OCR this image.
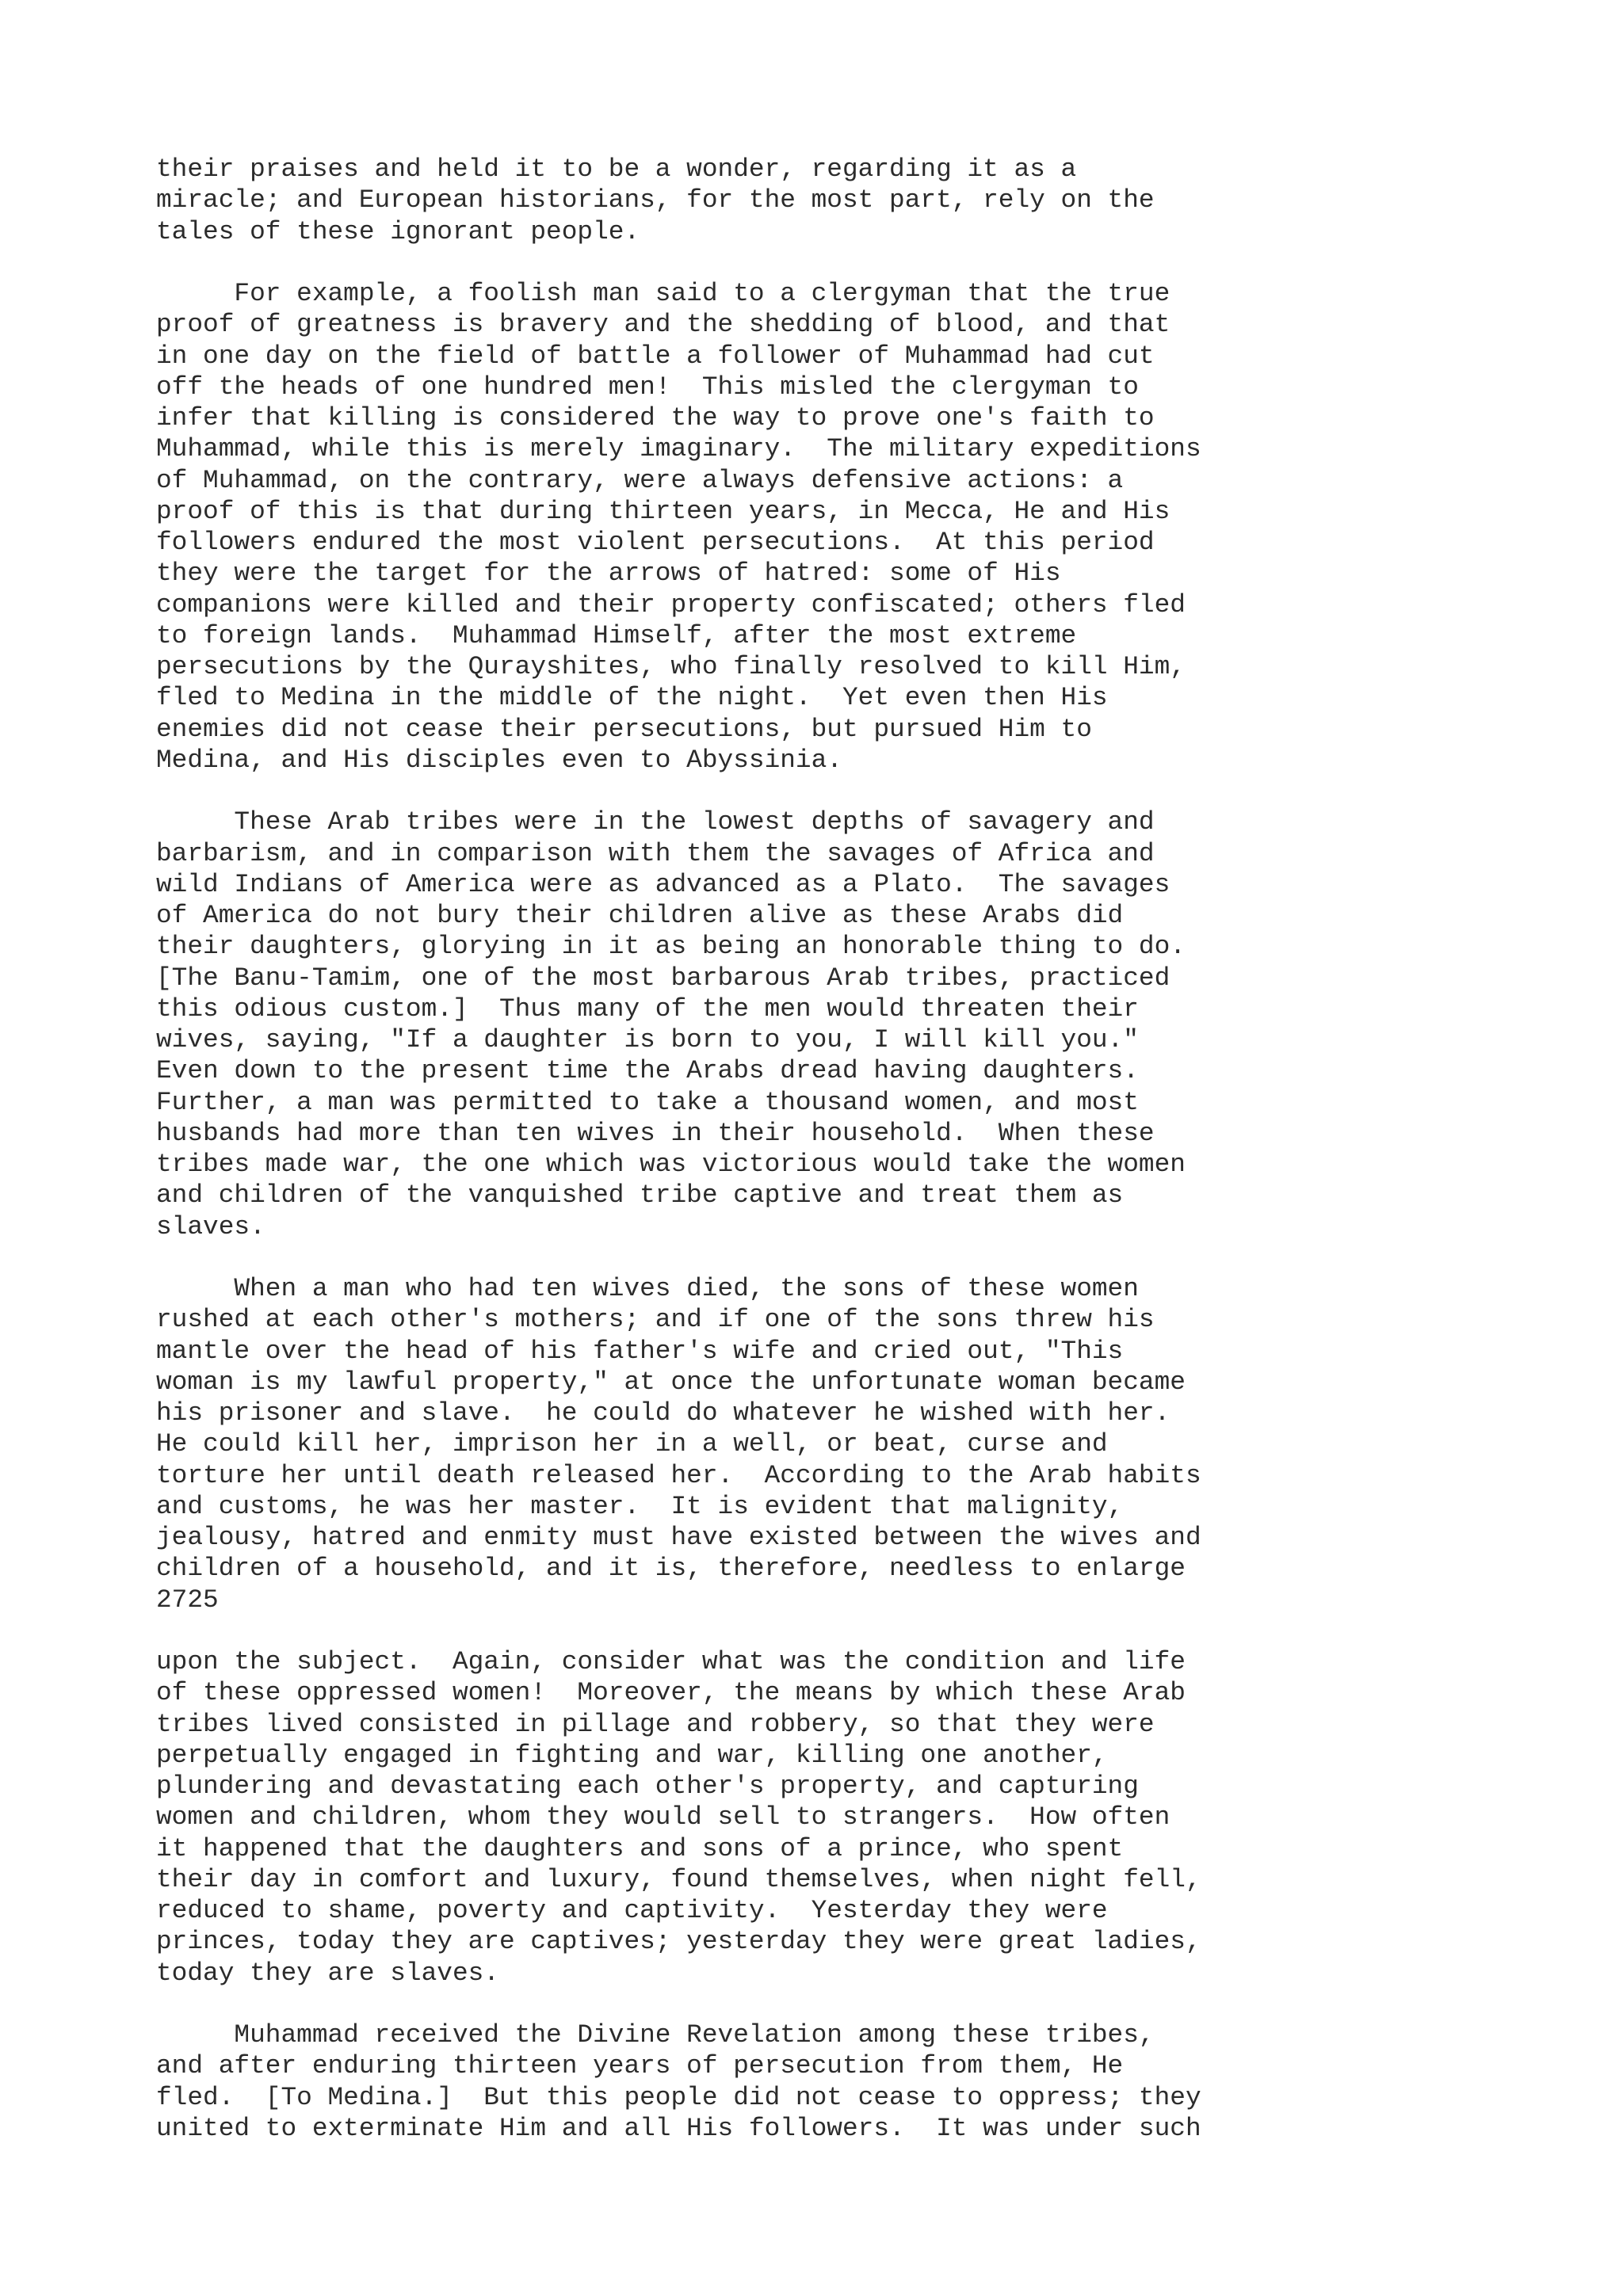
their praises and held it to be a wonder, regarding it as a
miracle; and European historians, for the most part, rely on the
tales of these ignorant people.

For example, a foolish man said to a clergyman that the true
proof of greatness is bravery and the shedding of blood, and that
in one day on the field of battle a follower of Muhammad had cut
off the heads of one hundred men!  This misled the clergyman to
infer that killing is considered the way to prove one's faith to
Muhammad, while this is merely imaginary.  The military expeditions
of Muhammad, on the contrary, were always defensive actions: a
proof of this is that during thirteen years, in Mecca, He and His
followers endured the most violent persecutions.  At this period
they were the target for the arrows of hatred: some of His
companions were killed and their property confiscated; others fled
to foreign lands.  Muhammad Himself, after the most extreme
persecutions by the Qurayshites, who finally resolved to kill Him,
fled to Medina in the middle of the night.  Yet even then His
enemies did not cease their persecutions, but pursued Him to
Medina, and His disciples even to Abyssinia.

These Arab tribes were in the lowest depths of savagery and
barbarism, and in comparison with them the savages of Africa and
wild Indians of America were as advanced as a Plato.  The savages
of America do not bury their children alive as these Arabs did
their daughters, glorying in it as being an honorable thing to do.
[The Banu-Tamim, one of the most barbarous Arab tribes, practiced
this odious custom.]  Thus many of the men would threaten their
wives, saying, "If a daughter is born to you, I will kill you."
Even down to the present time the Arabs dread having daughters.
Further, a man was permitted to take a thousand women, and most
husbands had more than ten wives in their household.  When these
tribes made war, the one which was victorious would take the women
and children of the vanquished tribe captive and treat them as
slaves.

When a man who had ten wives died, the sons of these women
rushed at each other's mothers; and if one of the sons threw his
mantle over the head of his father's wife and cried out, "This
woman is my lawful property," at once the unfortunate woman became
his prisoner and slave.  he could do whatever he wished with her.
He could kill her, imprison her in a well, or beat, curse and
torture her until death released her.  According to the Arab habits
and customs, he was her master.  It is evident that malignity,
jealousy, hatred and enmity must have existed between the wives and
children of a household, and it is, therefore, needless to enlarge

2725

upon the subject.  Again, consider what was the condition and life
of these oppressed women!  Moreover, the means by which these Arab
tribes lived consisted in pillage and robbery, so that they were
perpetually engaged in fighting and war, killing one another,
plundering and devastating each other's property, and capturing
women and children, whom they would sell to strangers.  How often
it happened that the daughters and sons of a prince, who spent
their day in comfort and luxury, found themselves, when night fell,
reduced to shame, poverty and captivity.  Yesterday they were
princes, today they are captives; yesterday they were great ladies,
today they are slaves.

Muhammad received the Divine Revelation among these tribes,
and after enduring thirteen years of persecution from them, He
fled.  [To Medina.]  But this people did not cease to oppress; they
united to exterminate Him and all His followers.  It was under such
